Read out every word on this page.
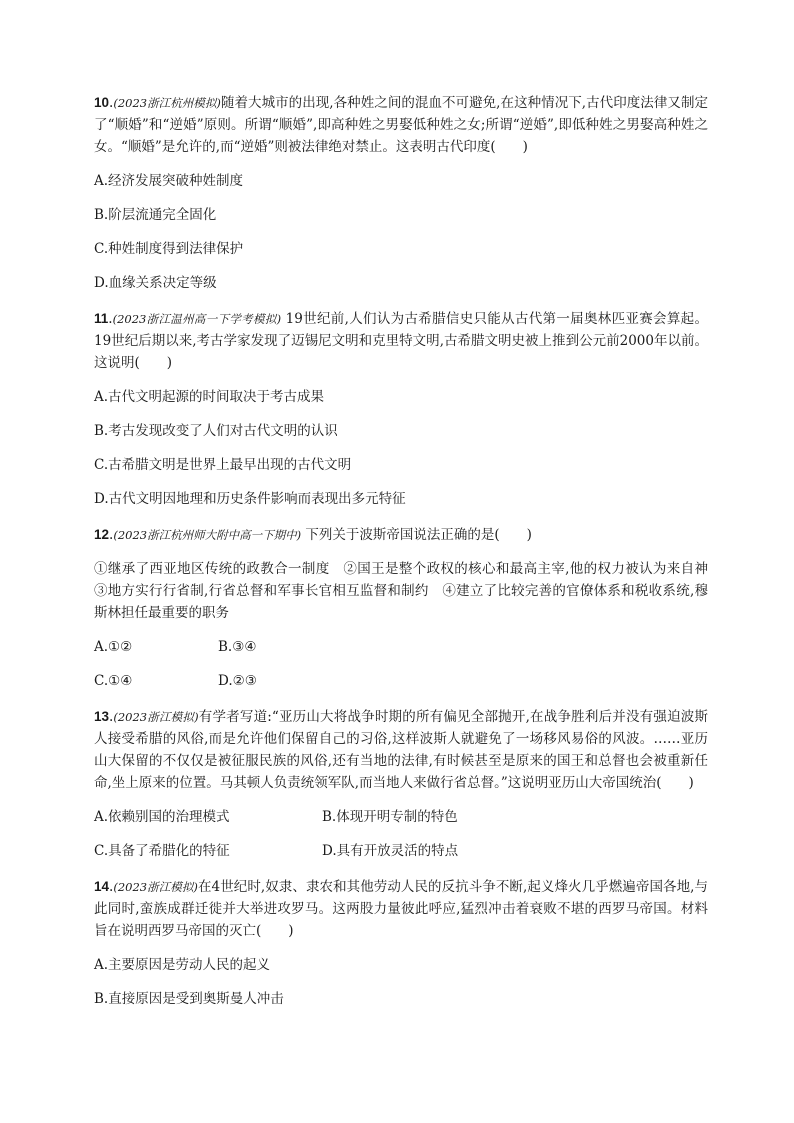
10.(2023浙江杭州模拟)随着大城市的出现,各种姓之间的混血不可避免,在这种情况下,古代印度法律又制定了“顺婚”和“逆婚”原则。所谓“顺婚”,即高种姓之男娶低种姓之女;所谓“逆婚”,即低种姓之男娶高种姓之女。“顺婚”是允许的,而“逆婚”则被法律绝对禁止。这表明古代印度(　　)

A.经济发展突破种姓制度

B.阶层流通完全固化

C.种姓制度得到法律保护

D.血缘关系决定等级

11.(2023浙江温州高一下学考模拟) 19世纪前,人们认为古希腊信史只能从古代第一届奥林匹亚赛会算起。19世纪后期以来,考古学家发现了迈锡尼文明和克里特文明,古希腊文明史被上推到公元前2000年以前。这说明(　　)

A.古代文明起源的时间取决于考古成果

B.考古发现改变了人们对古代文明的认识

C.古希腊文明是世界上最早出现的古代文明

D.古代文明因地理和历史条件影响而表现出多元特征

12.(2023浙江杭州师大附中高一下期中) 下列关于波斯帝国说法正确的是(　　)

①继承了西亚地区传统的政教合一制度　②国王是整个政权的核心和最高主宰,他的权力被认为来自神　③地方实行行省制,行省总督和军事长官相互监督和制约　④建立了比较完善的官僚体系和税收系统,穆斯林担任最重要的职务

A.①②	B.③④
C.①④	D.②③

13.(2023浙江模拟)有学者写道:“亚历山大将战争时期的所有偏见全部抛开,在战争胜利后并没有强迫波斯人接受希腊的风俗,而是允许他们保留自己的习俗,这样波斯人就避免了一场移风易俗的风波。……亚历山大保留的不仅仅是被征服民族的风俗,还有当地的法律,有时候甚至是原来的国王和总督也会被重新任命,坐上原来的位置。马其顿人负责统领军队,而当地人来做行省总督。”这说明亚历山大帝国统治(　　)

A.依赖别国的治理模式	B.体现开明专制的特色
C.具备了希腊化的特征	D.具有开放灵活的特点

14.(2023浙江模拟)在4世纪时,奴隶、隶农和其他劳动人民的反抗斗争不断,起义烽火几乎燃遍帝国各地,与此同时,蛮族成群迁徙并大举进攻罗马。这两股力量彼此呼应,猛烈冲击着衰败不堪的西罗马帝国。材料旨在说明西罗马帝国的灭亡(　　)

A.主要原因是劳动人民的起义

B.直接原因是受到奥斯曼人冲击
